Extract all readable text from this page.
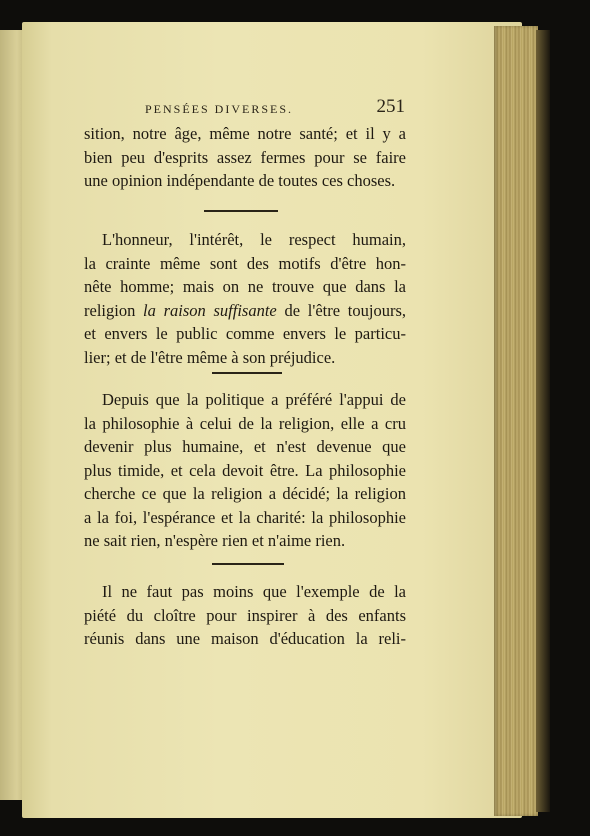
PENSÉES DIVERSES.	251
sition, notre âge, même notre santé; et il y a
bien peu d'esprits assez fermes pour se faire
une opinion indépendante de toutes ces choses.
L'honneur, l'intérêt, le respect humain,
la crainte même sont des motifs d'être hon-
nête homme; mais on ne trouve que dans la
religion la raison suffisante de l'être toujours,
et envers le public comme envers le particu-
lier; et de l'être même à son préjudice.
Depuis que la politique a préféré l'appui de
la philosophie à celui de la religion, elle a cru
devenir plus humaine, et n'est devenue que
plus timide, et cela devoit être. La philosophie
cherche ce que la religion a décidé; la religion
a la foi, l'espérance et la charité: la philosophie
ne sait rien, n'espère rien et n'aime rien.
Il ne faut pas moins que l'exemple de la
piété du cloître pour inspirer à des enfants
réunis dans une maison d'éducation la reli-
